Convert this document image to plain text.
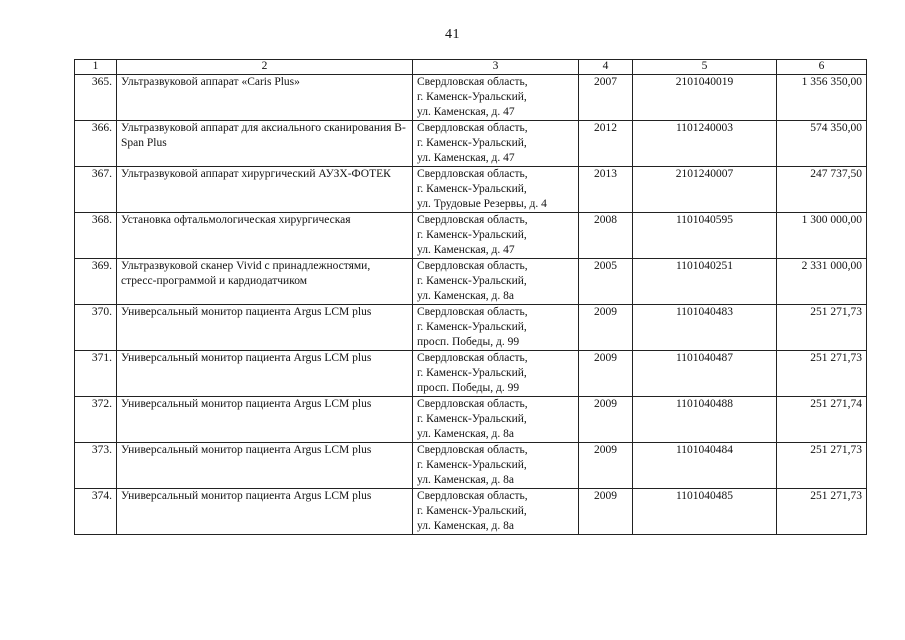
41
1	2	3	4	5	6
365.	Ультразвуковой аппарат «Caris Plus»	Свердловская область,
г. Каменск-Уральский,
ул. Каменская, д. 47	2007	2101040019	1 356 350,00
366.	Ультразвуковой аппарат для аксиального сканирования B-Span Plus	Свердловская область,
г. Каменск-Уральский,
ул. Каменская, д. 47	2012	1101240003	574 350,00
367.	Ультразвуковой аппарат хирургический АУЗХ-ФОТЕК	Свердловская область,
г. Каменск-Уральский,
ул. Трудовые Резервы, д. 4	2013	2101240007	247 737,50
368.	Установка офтальмологическая хирургическая	Свердловская область,
г. Каменск-Уральский,
ул. Каменская, д. 47	2008	1101040595	1 300 000,00
369.	Ультразвуковой сканер Vivid с принадлежностями, стресс-программой и кардиодатчиком	Свердловская область,
г. Каменск-Уральский,
ул. Каменская, д. 8а	2005	1101040251	2 331 000,00
370.	Универсальный монитор пациента Argus LCM plus	Свердловская область,
г. Каменск-Уральский,
просп. Победы, д. 99	2009	1101040483	251 271,73
371.	Универсальный монитор пациента Argus LCM plus	Свердловская область,
г. Каменск-Уральский,
просп. Победы, д. 99	2009	1101040487	251 271,73
372.	Универсальный монитор пациента Argus LCM plus	Свердловская область,
г. Каменск-Уральский,
ул. Каменская, д. 8а	2009	1101040488	251 271,74
373.	Универсальный монитор пациента Argus LCM plus	Свердловская область,
г. Каменск-Уральский,
ул. Каменская, д. 8а	2009	1101040484	251 271,73
374.	Универсальный монитор пациента Argus LCM plus	Свердловская область,
г. Каменск-Уральский,
ул. Каменская, д. 8а	2009	1101040485	251 271,73
